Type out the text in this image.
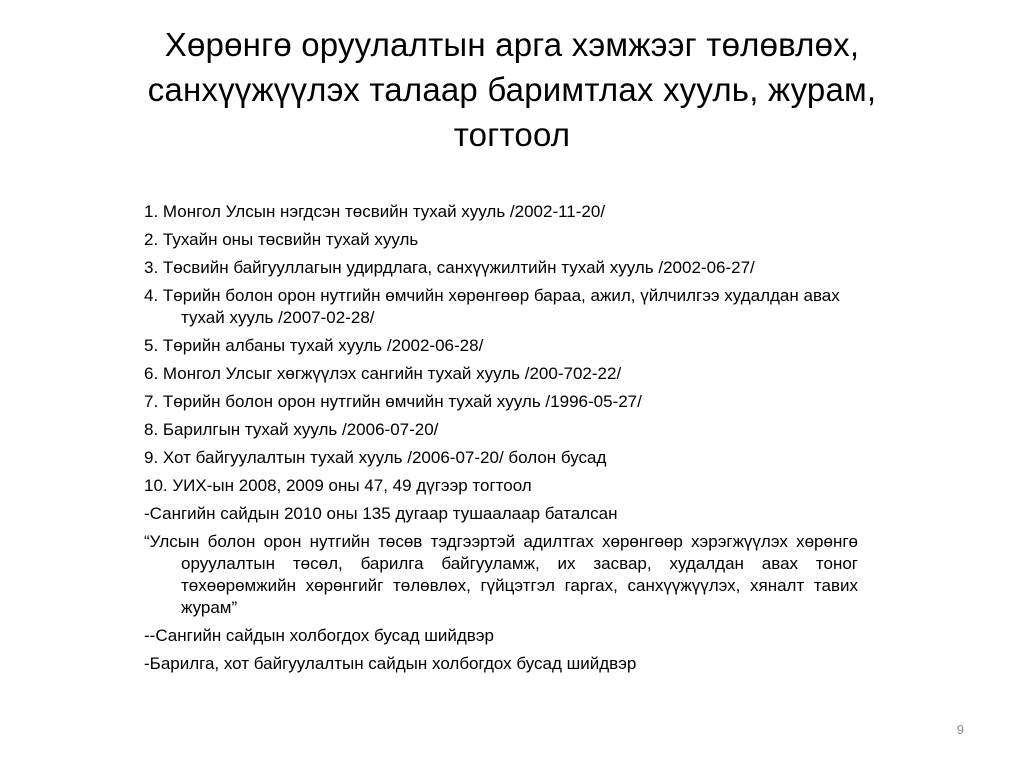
Хөрөнгө оруулалтын арга хэмжээг төлөвлөх,
санхүүжүүлэх талаар баримтлах хууль, журам,
тогтоол
1. Монгол Улсын нэгдсэн төсвийн тухай хууль /2002-11-20/
2. Тухайн оны төсвийн тухай хууль
3. Төсвийн байгууллагын удирдлага, санхүүжилтийн тухай хууль /2002-06-27/
4. Төрийн болон орон нутгийн өмчийн хөрөнгөөр бараа, ажил, үйлчилгээ худалдан авах тухай хууль /2007-02-28/
5. Төрийн албаны тухай хууль /2002-06-28/
6. Монгол Улсыг хөгжүүлэх сангийн тухай хууль /200-702-22/
7. Төрийн болон орон нутгийн өмчийн тухай хууль /1996-05-27/
8. Барилгын тухай хууль /2006-07-20/
9. Хот байгуулалтын тухай хууль /2006-07-20/ болон бусад
10. УИХ-ын 2008, 2009 оны 47, 49 дүгээр тогтоол
-Сангийн сайдын 2010 оны 135 дугаар тушаалаар баталсан
“Улсын болон орон нутгийн төсөв тэдгээртэй адилтгах хөрөнгөөр хэрэгжүүлэх хөрөнгө оруулалтын төсөл, барилга байгууламж, их засвар, худалдан авах тоног төхөөрөмжийн хөрөнгийг төлөвлөх, гүйцэтгэл гаргах, санхүүжүүлэх, хяналт тавих журам”
--Сангийн сайдын холбогдох бусад шийдвэр
-Барилга, хот байгуулалтын сайдын холбогдох бусад шийдвэр
9
